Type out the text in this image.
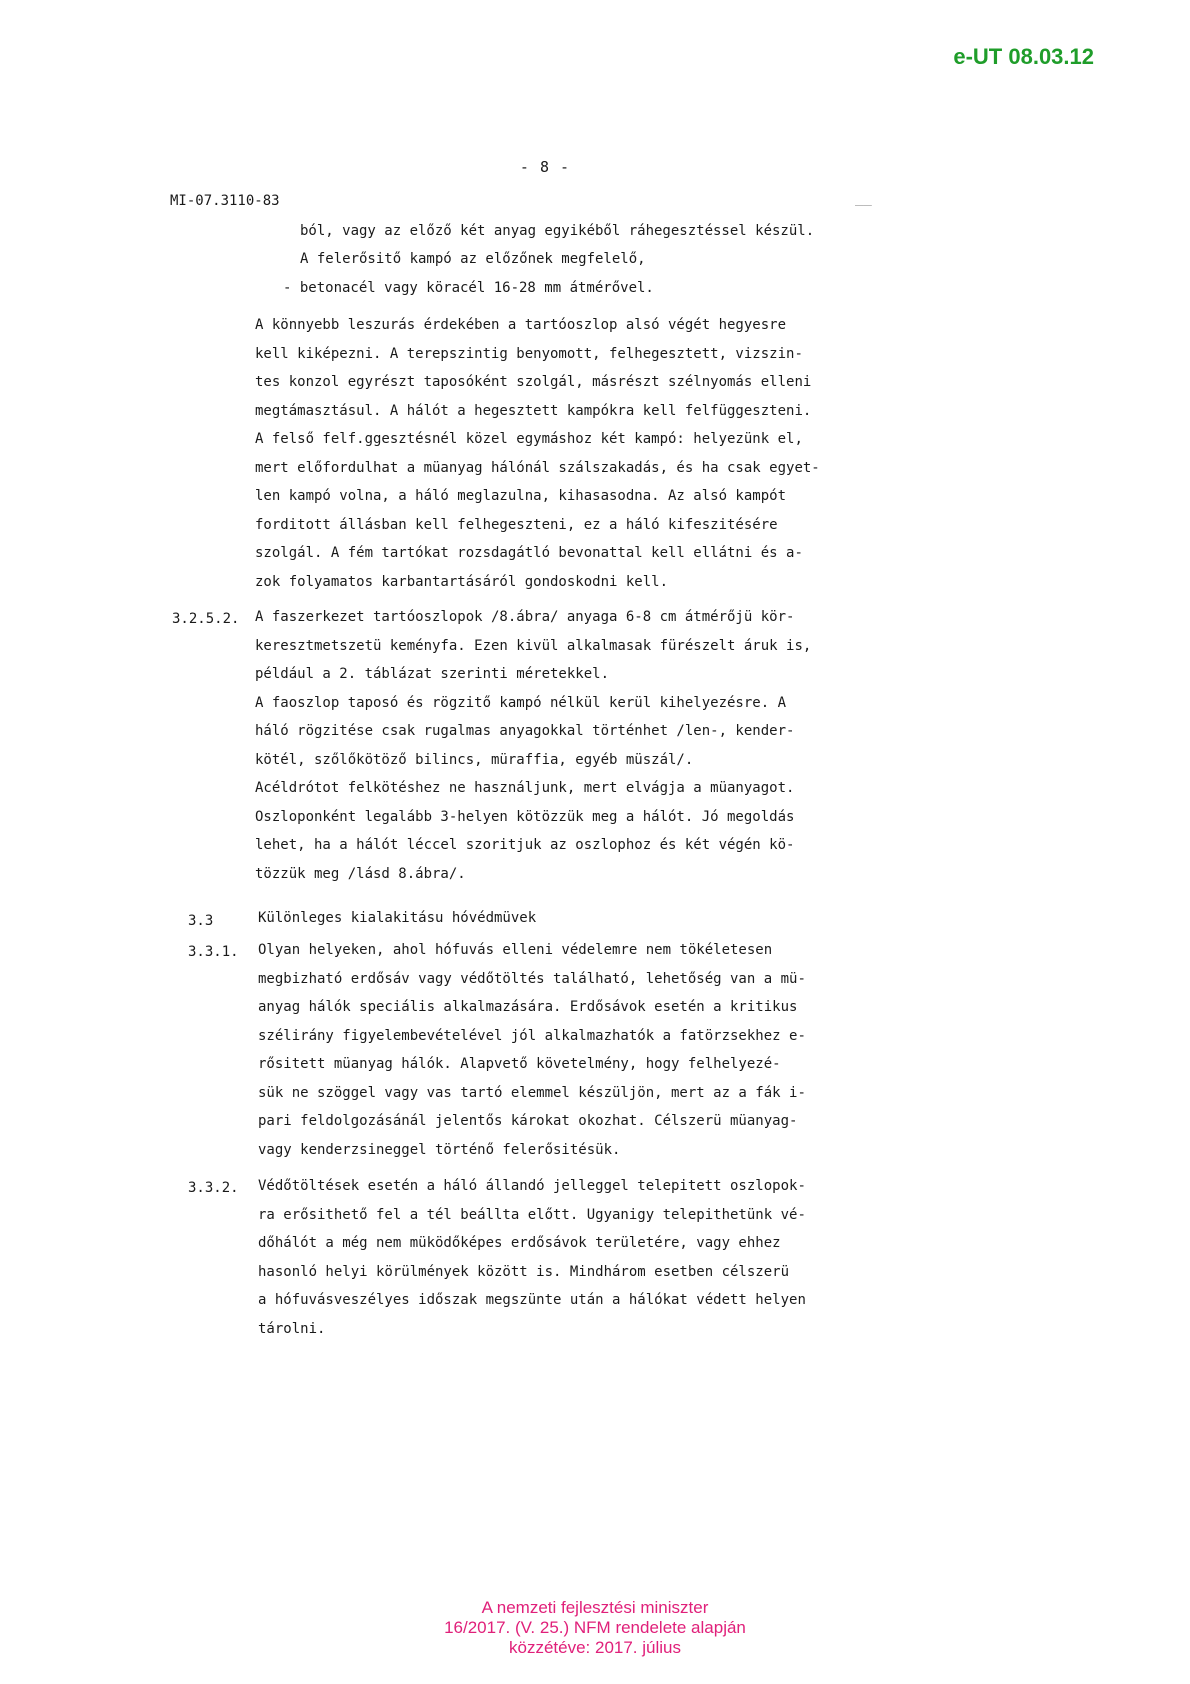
e-UT 08.03.12
- 8 -
MI-07.3110-83	__
ból, vagy az előző két anyag egyikéből ráhegesztéssel készül.
A felerősitő kampó az előzőnek megfelelő,
- betonacél vagy köracél 16-28 mm átmérővel.
A könnyebb leszurás érdekében a tartóoszlop alsó végét hegyesre
kell kiképezni. A terepszintig benyomott, felhegesztett, vizszin-
tes konzol egyrészt taposóként szolgál, másrészt szélnyomás elleni
megtámasztásul. A hálót a hegesztett kampókra kell felfüggeszteni.
A felső felf.ggesztésnél közel egymáshoz két kampó: helyezünk el,
mert előfordulhat a müanyag hálónál szálszakadás, és ha csak egyet-
len kampó volna, a háló meglazulna, kihasasodna. Az alsó kampót
forditott állásban kell felhegeszteni, ez a háló kifeszitésére
szolgál. A fém tartókat rozsdagátló bevonattal kell ellátni és a-
zok folyamatos karbantartásáról gondoskodni kell.
3.2.5.2. A faszerkezet tartóoszlopok /8.ábra/ anyaga 6-8 cm átmérőjü kör-
keresztmetszetü keményfa. Ezen kivül alkalmasak fürészelt áruk is,
például a 2. táblázat szerinti méretekkel.
A faoszlop taposó és rögzitő kampó nélkül kerül kihelyezésre. A
háló rögzitése csak rugalmas anyagokkal történhet /len-, kender-
kötél, szőlőkötöző bilincs, müraffia, egyéb müszál/.
Acéldrótot felkötéshez ne használjunk, mert elvágja a müanyagot.
Oszloponként legalább 3-helyen kötözzük meg a hálót. Jó megoldás
lehet, ha a hálót léccel szoritjuk az oszlophoz és két végén kö-
tözzük meg /lásd 8.ábra/.
3.3	Különleges kialakitásu hóvédmüvek
3.3.1. Olyan helyeken, ahol hófuvás elleni védelemre nem tökéletesen
megbizható erdősáv vagy védőtöltés található, lehetőség van a mü-
anyag hálók speciális alkalmazására. Erdősávok esetén a kritikus
szélirány figyelembevételével jól alkalmazhatók a fatörzsekhez e-
rősitett müanyag hálók. Alapvető követelmény, hogy felhelyezé-
sük ne szöggel vagy vas tartó elemmel készüljön, mert az a fák i-
pari feldolgozásánál jelentős károkat okozhat. Célszerü müanyag-
vagy kenderzsineggel történő felerősitésük.
3.3.2. Védőtöltések esetén a háló állandó jelleggel telepitett oszlopok-
ra erősithető fel a tél beállta előtt. Ugyanigy telepithetünk vé-
dőhálót a még nem müködőképes erdősávok területére, vagy ehhez
hasonló helyi körülmények között is. Mindhárom esetben célszerü
a hófuvásveszélyes időszak megszünte után a hálókat védett helyen
tárolni.
A nemzeti fejlesztési miniszter
16/2017. (V. 25.) NFM rendelete alapján
közzétéve: 2017. július
